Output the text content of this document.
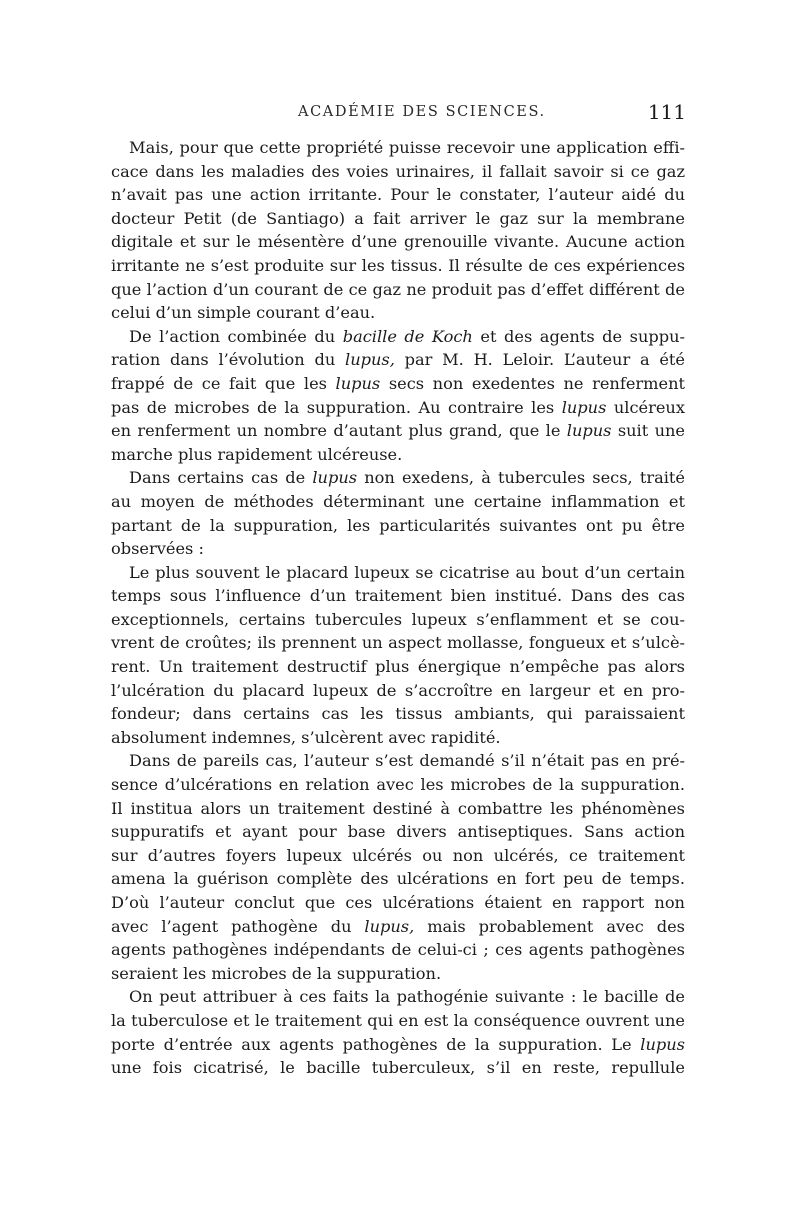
ACADÉMIE DES SCIENCES.	111
Mais, pour que cette propriété puisse recevoir une application effi-
cace dans les maladies des voies urinaires, il fallait savoir si ce gaz
n’avait pas une action irritante. Pour le constater, l’auteur aidé du
docteur Petit (de Santiago) a fait arriver le gaz sur la membrane
digitale et sur le mésentère d’une grenouille vivante. Aucune action
irritante ne s’est produite sur les tissus. Il résulte de ces expériences
que l’action d’un courant de ce gaz ne produit pas d’effet différent de
celui d’un simple courant d’eau.
De l’action combinée du bacille de Koch et des agents de suppu-
ration dans l’évolution du lupus, par M. H. Leloir. L’auteur a été
frappé de ce fait que les lupus secs non exedentes ne renferment
pas de microbes de la suppuration. Au contraire les lupus ulcéreux
en renferment un nombre d’autant plus grand, que le lupus suit une
marche plus rapidement ulcéreuse.
Dans certains cas de lupus non exedens, à tubercules secs, traité
au moyen de méthodes déterminant une certaine inflammation et
partant de la suppuration, les particularités suivantes ont pu être
observées :
Le plus souvent le placard lupeux se cicatrise au bout d’un certain
temps sous l’influence d’un traitement bien institué. Dans des cas
exceptionnels, certains tubercules lupeux s’enflamment et se cou-
vrent de croûtes; ils prennent un aspect mollasse, fongueux et s’ulcè-
rent. Un traitement destructif plus énergique n’empêche pas alors
l’ulcération du placard lupeux de s’accroître en largeur et en pro-
fondeur; dans certains cas les tissus ambiants, qui paraissaient
absolument indemnes, s’ulcèrent avec rapidité.
Dans de pareils cas, l’auteur s’est demandé s’il n’était pas en pré-
sence d’ulcérations en relation avec les microbes de la suppuration.
Il institua alors un traitement destiné à combattre les phénomènes
suppuratifs et ayant pour base divers antiseptiques. Sans action
sur d’autres foyers lupeux ulcérés ou non ulcérés, ce traitement
amena la guérison complète des ulcérations en fort peu de temps.
D’où l’auteur conclut que ces ulcérations étaient en rapport non
avec l’agent pathogène du lupus, mais probablement avec des
agents pathogènes indépendants de celui-ci ; ces agents pathogènes
seraient les microbes de la suppuration.
On peut attribuer à ces faits la pathogénie suivante : le bacille de
la tuberculose et le traitement qui en est la conséquence ouvrent une
porte d’entrée aux agents pathogènes de la suppuration. Le lupus
une fois cicatrisé, le bacille tuberculeux, s’il en reste, repullule
